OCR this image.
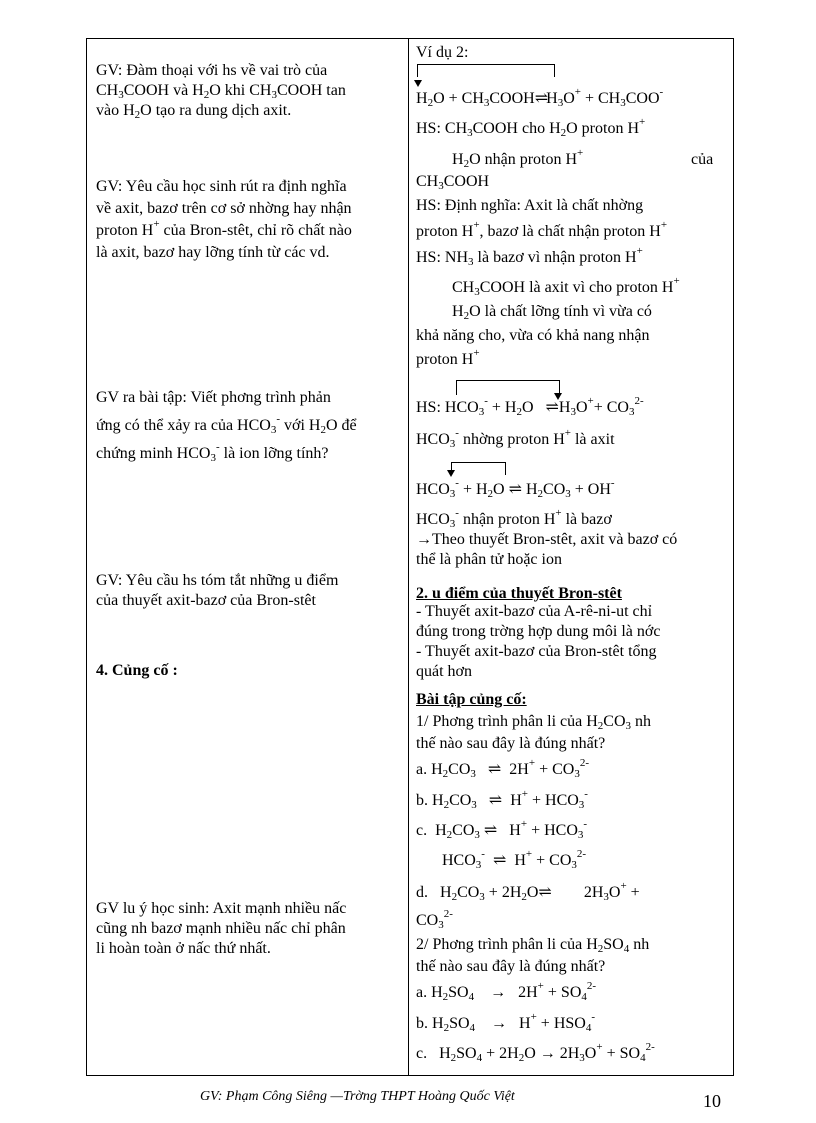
GV: Đàm thoại với hs về vai trò của
$CH_3COOH$ và $H_2O$ khi $CH_3COOH$ tan
vào $H_2O$ tạo ra dung dịch axit.
GV: Yêu cầu học sinh rút ra định nghĩa
về axit, bazơ trên cơ sở nhờng hay nhận
proton H+ của Bron-stêt, chỉ rõ chất nào
là axit, bazơ hay lỡng tính từ các vd.
GV ra bài tập: Viết phơng trình phản
ứng có thể xảy ra của $HCO_3^-$ với $H_2O$ để
chứng minh $HCO_3^-$ là ion lỡng tính?
GV: Yêu cầu hs tóm tắt những u điểm
của thuyết axit-bazơ của Bron-stêt
4. Củng cố :
GV lu ý học sinh: Axit mạnh nhiều nấc
cũng nh bazơ mạnh nhiều nấc chỉ phân
li hoàn toàn ở nấc thứ nhất.
Ví dụ 2:
$H_2O$ + $CH_3COOH\rightleftharpoons H_3O^+ + CH_3COO^-$
HS: $CH_3COOH$ cho $H_2O$ proton H+
$H_2O$ nhận proton H+	của
$CH_3COOH$
HS: Định nghĩa: Axit là chất nhờng
proton H+, bazơ là chất nhận proton H+
HS: $NH_3$ là bazơ vì nhận proton H+
$CH_3COOH$ là axit vì cho proton H+
$H_2O$ là chất lỡng tính vì vừa có
khả năng cho, vừa có khả nang nhận
proton H+
HS: $HCO_3^- + H_2O$   $\rightleftharpoons H_3O^++ CO_3^{2-}$
$HCO_3^-$ nhờng proton H+ là axit
$HCO_3^- + H_2O$ ⇌ $H_2CO_3 + OH^-$
$HCO_3^-$ nhận proton H+ là bazơ
→Theo thuyết Bron-stêt, axit và bazơ có
thể là phân tử hoặc ion
2. u điểm của thuyết Bron-stêt
- Thuyết axit-bazơ của A-rê-ni-ut chỉ
đúng trong trờng hợp dung môi là nớc
- Thuyết axit-bazơ của Bron-stêt tổng
quát hơn
Bài tập củng cố:
1/ Phơng trình phân li của $H_2CO_3$ nh
thế nào sau đây là đúng nhất?
a. $H_2CO_3$   ⇌  $2H^+ + CO_3^{2-}$
b. $H_2CO_3$   ⇌  $H^+ + HCO_3^-$
c.  $H_2CO_3$ ⇌   $H^+ + HCO_3^-$
$HCO_3^-$  ⇌  $H^+ + CO_3^{2-}$
d.   $H_2CO_3$ + $2H_2O\rightleftharpoons$        $2H_3O^+$ +
$CO_3^{2-}$
2/ Phơng trình phân li của $H_2SO_4$ nh
thế nào sau đây là đúng nhất?
a. $H_2SO_4$    →   $2H^+ + SO_4^{2-}$
b. $H_2SO_4$    →   $H^+ + HSO_4^-$
c.   $H_2SO_4 + 2H_2O \to 2H_3O^+ + SO_4^{2-}$
GV: Phạm Công Siêng —Trờng THPT Hoàng Quốc Việt	10
